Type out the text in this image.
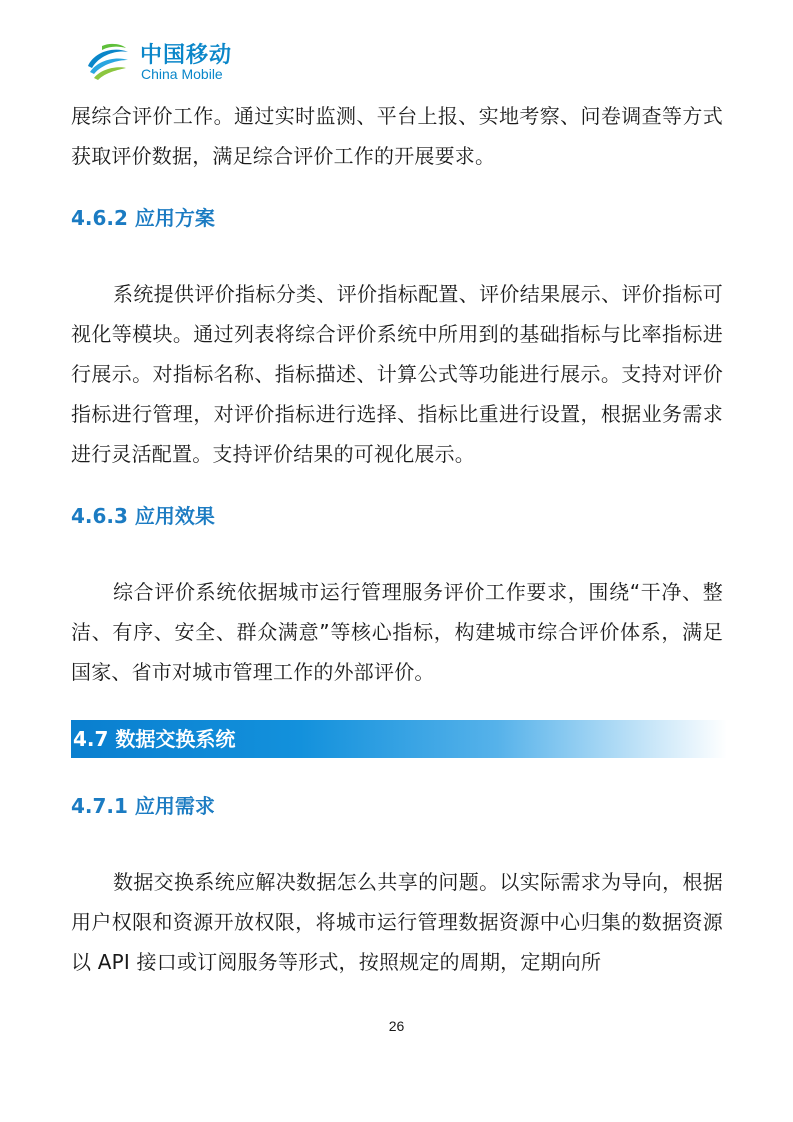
中国移动
China Mobile

展综合评价工作。通过实时监测、平台上报、实地考察、问卷调查等方式获取评价数据，满足综合评价工作的开展要求。

4.6.2 应用方案

系统提供评价指标分类、评价指标配置、评价结果展示、评价指标可视化等模块。通过列表将综合评价系统中所用到的基础指标与比率指标进行展示。对指标名称、指标描述、计算公式等功能进行展示。支持对评价指标进行管理，对评价指标进行选择、指标比重进行设置，根据业务需求进行灵活配置。支持评价结果的可视化展示。

4.6.3 应用效果

综合评价系统依据城市运行管理服务评价工作要求，围绕“干净、整洁、有序、安全、群众满意”等核心指标，构建城市综合评价体系，满足国家、省市对城市管理工作的外部评价。

4.7 数据交换系统
4.7.1 应用需求

数据交换系统应解决数据怎么共享的问题。以实际需求为导向，根据用户权限和资源开放权限，将城市运行管理数据资源中心归集的数据资源以 API 接口或订阅服务等形式，按照规定的周期，定期向所

26
